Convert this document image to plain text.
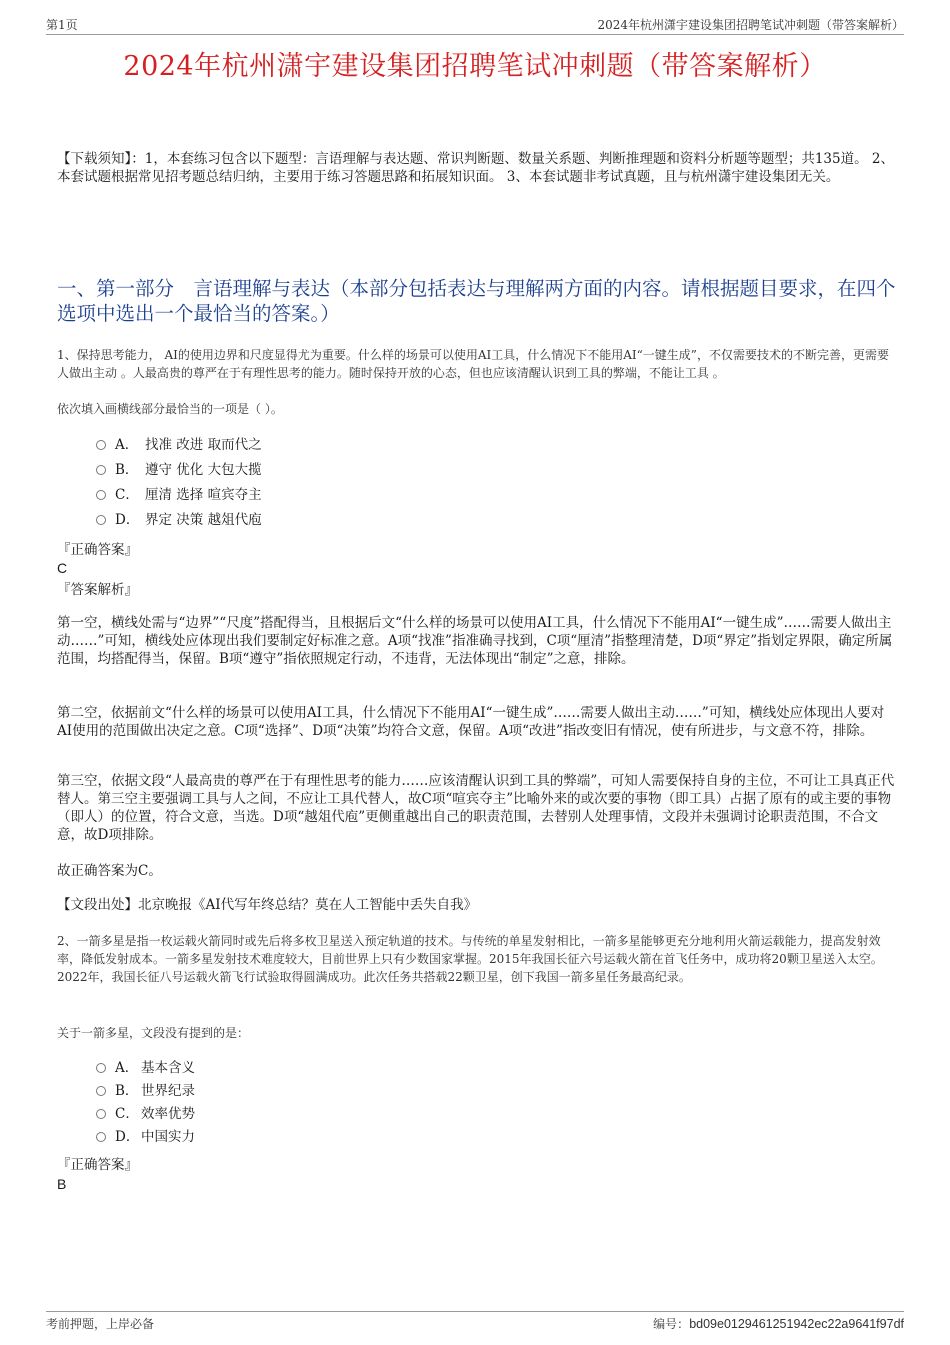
第1页	2024年杭州潇宇建设集团招聘笔试冲刺题（带答案解析）
2024年杭州潇宇建设集团招聘笔试冲刺题（带答案解析）
【下载须知】：1，本套练习包含以下题型：言语理解与表达题、常识判断题、数量关系题、判断推理题和资料分析题等题型；共135道。 2、本套试题根据常见招考题总结归纳，主要用于练习答题思路和拓展知识面。 3、本套试题非考试真题，且与杭州潇宇建设集团无关。
一、第一部分　言语理解与表达（本部分包括表达与理解两方面的内容。请根据题目要求，在四个选项中选出一个最恰当的答案。）
1、保持思考能力， AI的使用边界和尺度显得尤为重要。什么样的场景可以使用AI工具，什么情况下不能用AI“一键生成”，不仅需要技术的不断完善，更需要人做出主动 。人最高贵的尊严在于有理性思考的能力。随时保持开放的心态，但也应该清醒认识到工具的弊端，不能让工具 。
依次填入画横线部分最恰当的一项是（ ）。
A． 找准 改进 取而代之
B． 遵守 优化 大包大揽
C． 厘清 选择 喧宾夺主
D． 界定 决策 越俎代庖
『正确答案』
C
『答案解析』

第一空，横线处需与“边界”“尺度”搭配得当，且根据后文“什么样的场景可以使用AI工具，什么情况下不能用AI“一键生成”……需要人做出主动……”可知，横线处应体现出我们要制定好标准之意。A项“找准”指准确寻找到，C项“厘清”指整理清楚，D项“界定”指划定界限，确定所属范围，均搭配得当，保留。B项“遵守”指依照规定行动，不违背，无法体现出“制定”之意，排除。

第二空，依据前文“什么样的场景可以使用AI工具，什么情况下不能用AI“一键生成”……需要人做出主动……”可知，横线处应体现出人要对AI使用的范围做出决定之意。C项“选择”、D项“决策”均符合文意，保留。A项“改进”指改变旧有情况，使有所进步，与文意不符，排除。

第三空，依据文段“人最高贵的尊严在于有理性思考的能力……应该清醒认识到工具的弊端”，可知人需要保持自身的主位，不可让工具真正代替人。第三空主要强调工具与人之间，不应让工具代替人，故C项“喧宾夺主”比喻外来的或次要的事物（即工具）占据了原有的或主要的事物（即人）的位置，符合文意，当选。D项“越俎代庖”更侧重越出自己的职责范围，去替别人处理事情，文段并未强调讨论职责范围，不合文意，故D项排除。

故正确答案为C。

【文段出处】北京晚报《AI代写年终总结？莫在人工智能中丢失自我》

2、一箭多星是指一枚运载火箭同时或先后将多枚卫星送入预定轨道的技术。与传统的单星发射相比，一箭多星能够更充分地利用火箭运载能力，提高发射效率，降低发射成本。一箭多星发射技术难度较大，目前世界上只有少数国家掌握。2015年我国长征六号运载火箭在首飞任务中，成功将20颗卫星送入太空。2022年，我国长征八号运载火箭飞行试验取得圆满成功。此次任务共搭载22颗卫星，创下我国一箭多星任务最高纪录。
关于一箭多星，文段没有提到的是：
A． 基本含义
B． 世界纪录
C． 效率优势
D． 中国实力
『正确答案』
B
考前押题，上岸必备	编号：bd09e0129461251942ec22a9641f97df
